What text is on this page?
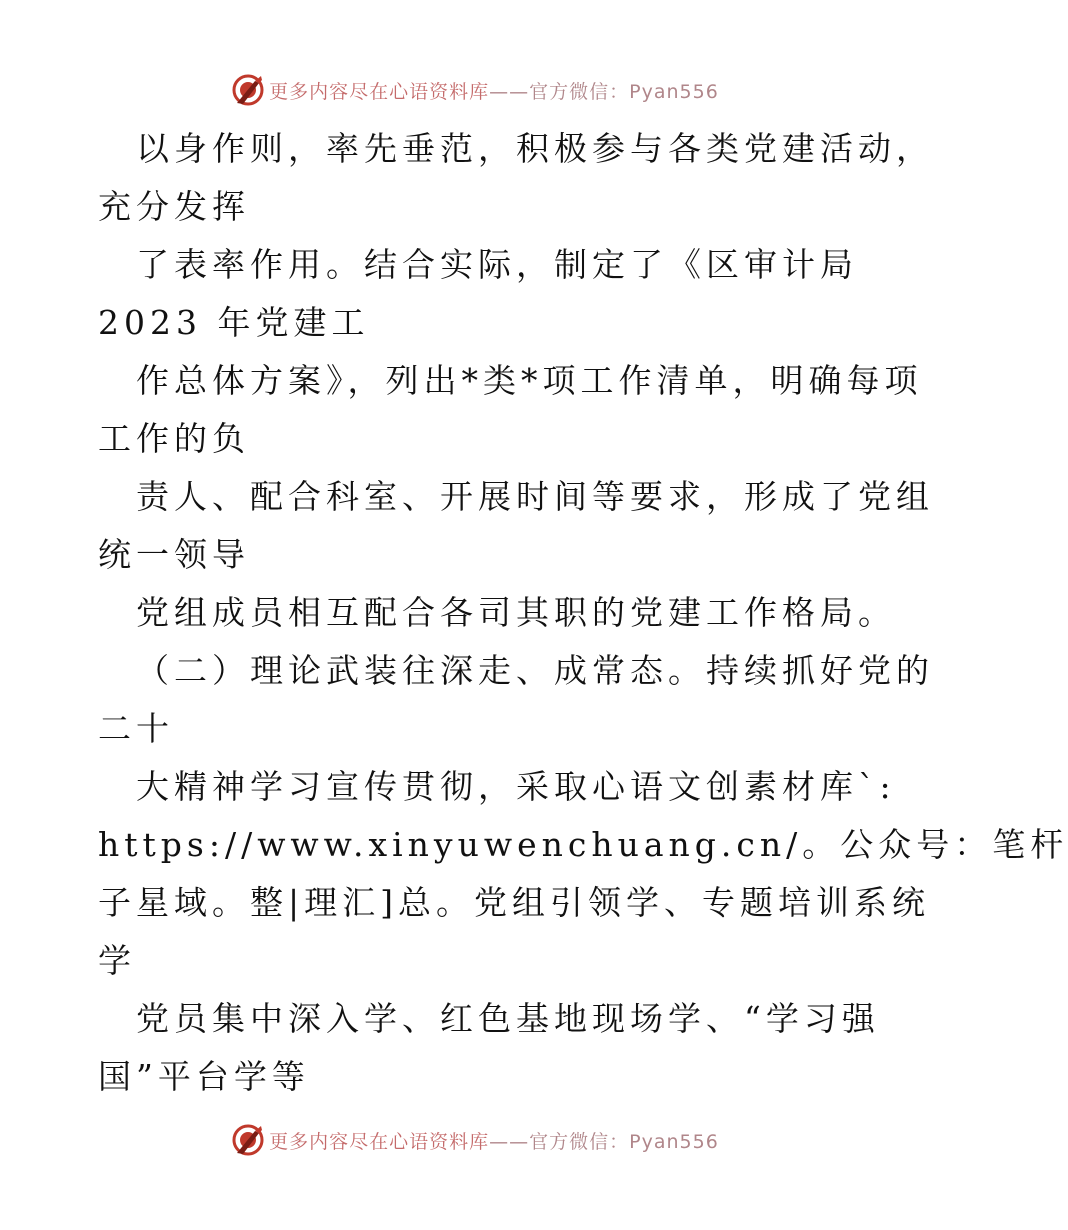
更多内容尽在心语资料库——官方微信：Pyan556
以身作则，率先垂范，积极参与各类党建活动，
充分发挥
了表率作用。结合实际，制定了《区审计局
2023 年党建工
作总体方案》，列出*类*项工作清单，明确每项
工作的负
责人、配合科室、开展时间等要求，形成了党组
统一领导
党组成员相互配合各司其职的党建工作格局。
（二）理论武装往深走、成常态。持续抓好党的
二十
大精神学习宣传贯彻，采取心语文创素材库`:
https://www.xinyuwenchuang.cn/。公众号：笔杆
子星域。整|理汇]总。党组引领学、专题培训系统
学
党员集中深入学、红色基地现场学、“学习强
国”平台学等
更多内容尽在心语资料库——官方微信：Pyan556
